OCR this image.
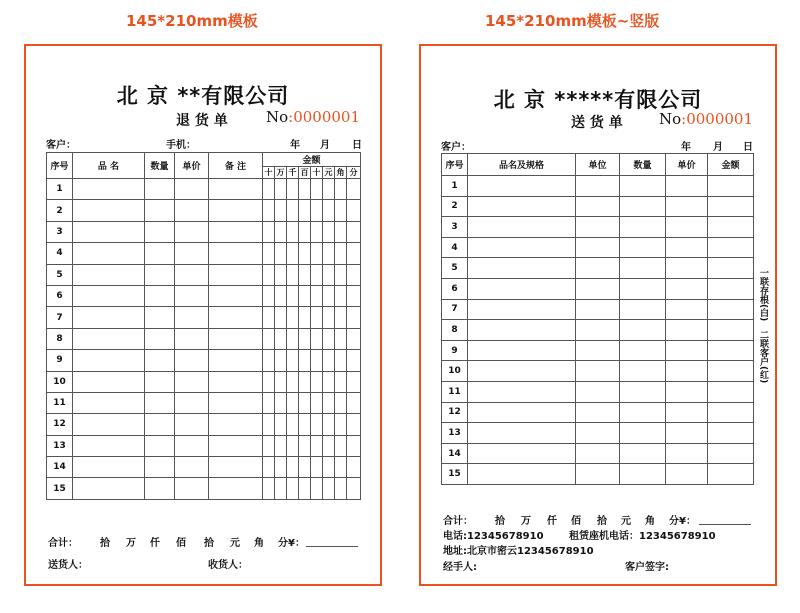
145*210mm模板	145*210mm模板~竖版
北 京 **有限公司
退 货 单	No:0000001
客户：	手机：	年 月 日
序号	品 名	数量	单价	备 注	金额							
					十	万	千	百	十	元	角	分
1												
2												
3												
4												
5												
6												
7												
8												
9												
10												
11												
12												
13												
14												
15												
合计： 拾 万 仟 佰 拾 元 角 分¥：
送货人：	收货人：
北 京 *****有限公司
送 货 单 No:0000001
客户：	年 月 日
序号	品名及规格	单位	数量	单价	金额
1					
2					
3					
4					
5					
6					
7					
8					
9					
10					
11					
12					
13					
14					
15					
一联存根(白)
二联客户(红)
合计： 拾 万 仟 佰 拾 元 角 分¥：
电话:12345678910	租赁座机电话：12345678910
地址:北京市密云12345678910
经手人:	客户签字:
